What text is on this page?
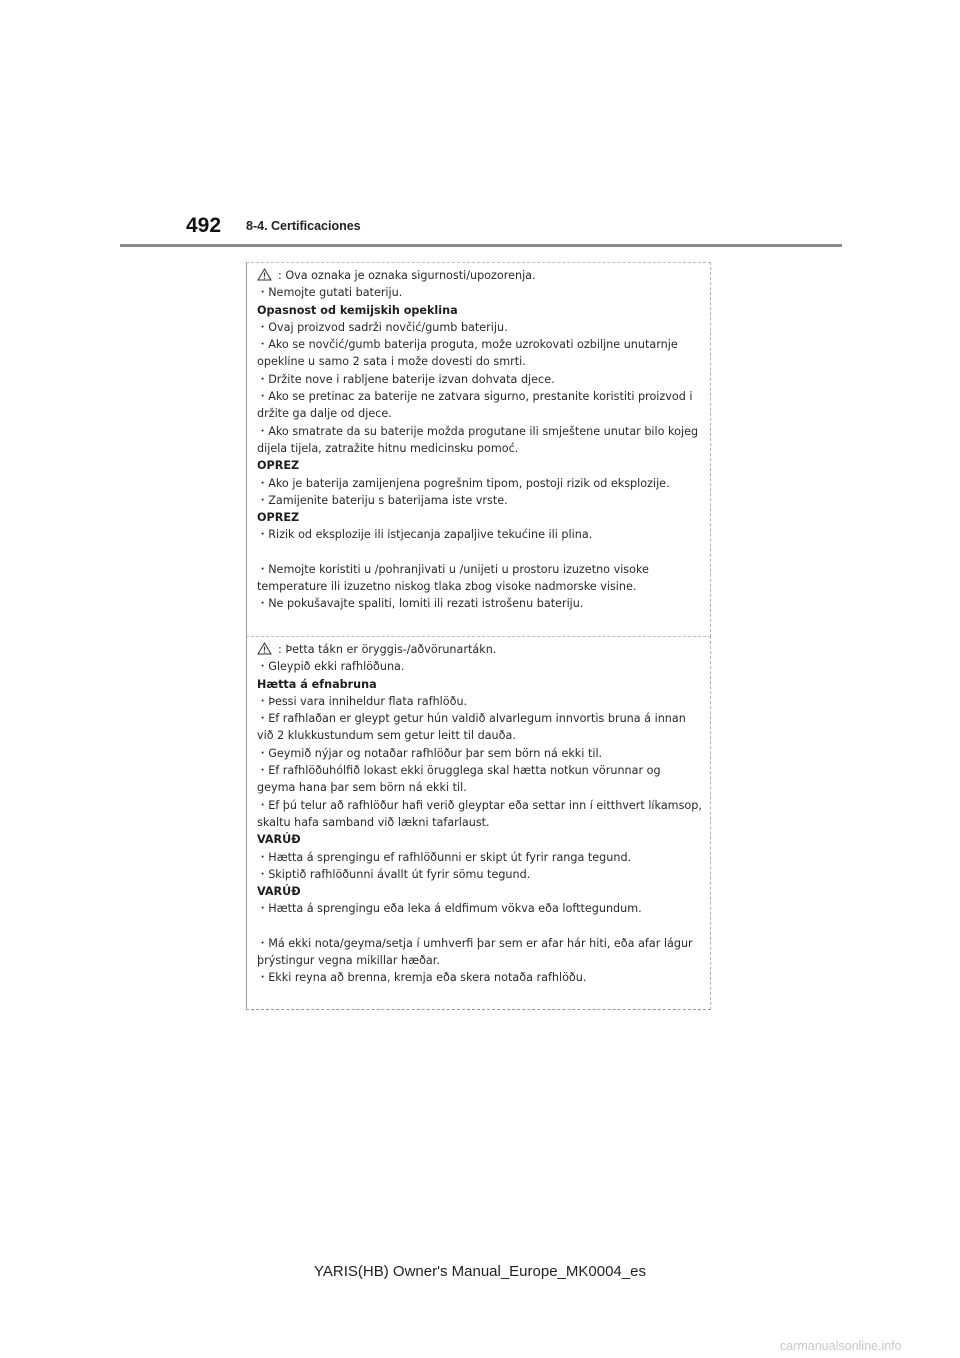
492 8-4. Certificaciones
: Ova oznaka je oznaka sigurnosti/upozorenja.
・Nemojte gutati bateriju.
Opasnost od kemijskih opeklina
・Ovaj proizvod sadrži novčić/gumb bateriju.
・Ako se novčić/gumb baterija proguta, može uzrokovati ozbiljne unutarnje opekline u samo 2 sata i može dovesti do smrti.
・Držite nove i rabljene baterije izvan dohvata djece.
・Ako se pretinac za baterije ne zatvara sigurno, prestanite koristiti proizvod i držite ga dalje od djece.
・Ako smatrate da su baterije možda progutane ili smještene unutar bilo kojeg dijela tijela, zatražite hitnu medicinsku pomoć.
OPREZ
・Ako je baterija zamijenjena pogrešnim tipom, postoji rizik od eksplozije.
・Zamijenite bateriju s baterijama iste vrste.
OPREZ
・Rizik od eksplozije ili istjecanja zapaljive tekućine ili plina.
・Nemojte koristiti u /pohranjivati u /unijeti u prostoru izuzetno visoke temperature ili izuzetno niskog tlaka zbog visoke nadmorske visine.
・Ne pokušavajte spaliti, lomiti ili rezati istrošenu bateriju.
: Þetta tákn er öryggis-/aðvörunartákn.
・Gleypið ekki rafhlöðuna.
Hætta á efnabruna
・Þessi vara inniheldur flata rafhlöðu.
・Ef rafhlaðan er gleypt getur hún valdið alvarlegum innvortis bruna á innan við 2 klukkustundum sem getur leitt til dauða.
・Geymið nýjar og notaðar rafhlöður þar sem börn ná ekki til.
・Ef rafhlöðuhólfið lokast ekki örugglega skal hætta notkun vörunnar og geyma hana þar sem börn ná ekki til.
・Ef þú telur að rafhlöður hafi verið gleyptar eða settar inn í eitthvert líkamsop, skaltu hafa samband við lækni tafarlaust.
VARÚÐ
・Hætta á sprengingu ef rafhlöðunni er skipt út fyrir ranga tegund.
・Skiptið rafhlöðunni ávallt út fyrir sömu tegund.
VARÚÐ
・Hætta á sprengingu eða leka á eldfimum vökva eða lofttegundum.
・Má ekki nota/geyma/setja í umhverfi þar sem er afar hár hiti, eða afar lágur þrýstingur vegna mikillar hæðar.
・Ekki reyna að brenna, kremja eða skera notaða rafhlöðu.
YARIS(HB) Owner's Manual_Europe_MK0004_es
carmanualsonline.info
